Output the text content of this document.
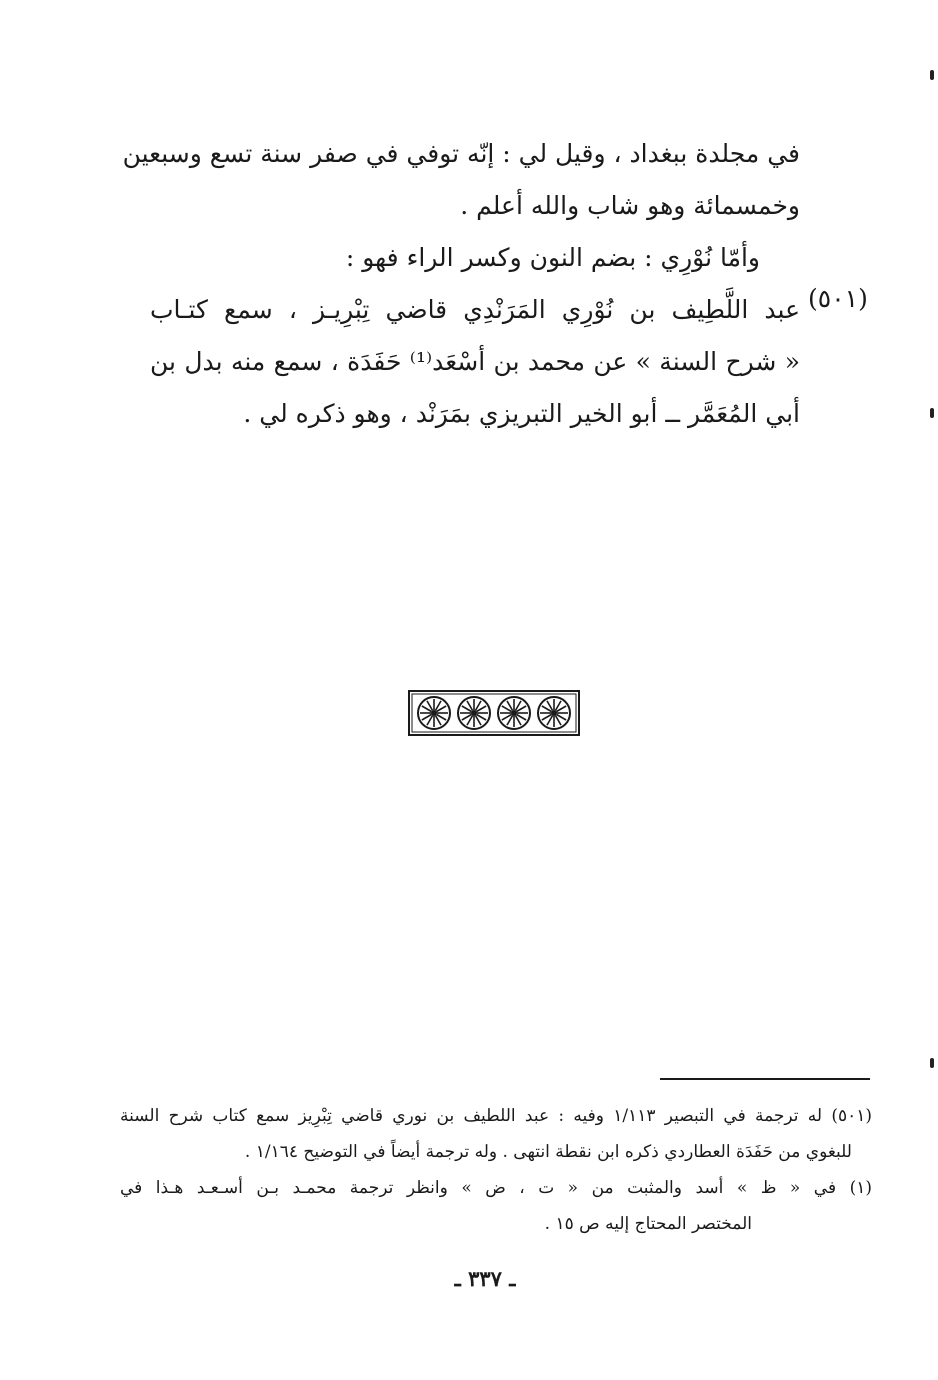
في مجلدة ببغداد ، وقيل لي : إنّه توفي في صفر سنة تسع وسبعين
وخمسمائة وهو شاب والله أعلم .
وأمّا نُوْرِي : بضم النون وكسر الراء فهو :
عبد اللَّطِيف بن نُوْرِي المَرَنْدِي قاضي تِبْرِيـز ، سمع كتـاب
« شرح السنة » عن محمد بن أسْعَد⁽¹⁾ حَفَدَة ، سمع منه بدل بن
أبي المُعَمَّر ــ أبو الخير التبريزي بمَرَنْد ، وهو ذكره لي .
(٥٠١)
(٥٠١) له ترجمة في التبصير ١/١١٣ وفيه : عبد اللطيف بن نوري قاضي تِبْرِيز سمع كتاب شرح السنة
للبغوي من حَفَدَة العطاردي ذكره ابن نقطة انتهى . وله ترجمة أيضاً في التوضيح ١/١٦٤ .
(١) في « ظ » أسد والمثبت من « ت ، ض » وانظر ترجمة محمـد بـن أسـعـد هـذا في
المختصر المحتاج إليه ص ١٥ .
ـ ٣٣٧ ـ
